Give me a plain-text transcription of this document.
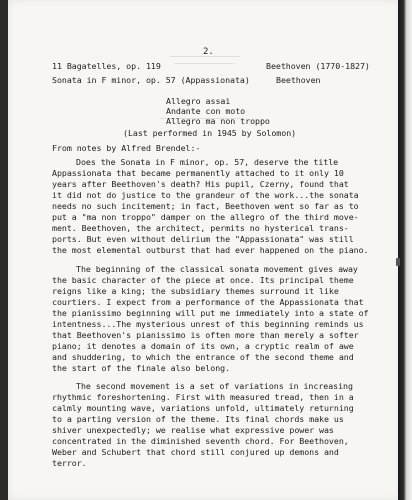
2.
11 Bagatelles, op. 119	Beethoven (1770-1827)
Sonata in F minor, op. 57 (Appassionata)	Beethoven
Allegro assai
Andante con moto
Allegro ma non troppo
(Last performed in 1945 by Solomon)
From notes by Alfred Brendel:-
Does the Sonata in F minor, op. 57, deserve the title
Appassionata that became permanently attached to it only 10
years after Beethoven's death? His pupil, Czerny, found that
it did not do justice to the grandeur of the work...the sonata
needs no such incitement; in fact, Beethoven went so far as to
put a "ma non troppo" damper on the allegro of the third move-
ment. Beethoven, the architect, permits no hysterical trans-
ports. But even without delirium the "Appassionata" was still
the most elemental outburst that had ever happened on the piano.
The beginning of the classical sonata movement gives away
the basic character of the piece at once. Its principal theme
reigns like a king; the subsidiary themes surround it like
courtiers. I expect from a performance of the Appassionata that
the pianissimo beginning will put me immediately into a state of
intentness...The mysterious unrest of this beginning reminds us
that Beethoven's pianissimo is often more than merely a softer
piano; it denotes a domain of its own, a cryptic realm of awe
and shuddering, to which the entrance of the second theme and
the start of the finale also belong.
The second movement is a set of variations in increasing
rhythmic foreshortening. First with measured tread, then in a
calmly mounting wave, variations unfold, ultimately returning
to a parting version of the theme. Its final chords make us
shiver unexpectedly; we realise what expressive power was
concentrated in the diminished seventh chord. For Beethoven,
Weber and Schubert that chord still conjured up demons and
terror.
